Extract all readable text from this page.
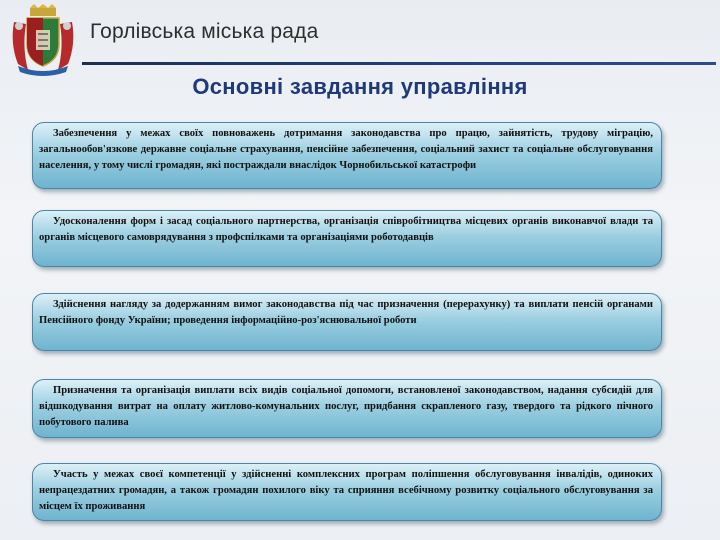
Горлівська міська рада
Основні завдання управління
Забезпечення у межах своїх повноважень дотримання законодавства про працю, зайнятість, трудову міграцію, загальнообов'язкове державне соціальне страхування, пенсійне забезпечення, соціальний захист та соціальне обслуговування населення, у тому числі громадян, які постраждали внаслідок Чорнобильської катастрофи
Удосконалення форм і засад соціального партнерства, організація співробітництва місцевих органів виконавчої влади та органів місцевого самоврядування з профспілками та організаціями роботодавців
Здійснення нагляду за додержанням вимог законодавства під час призначення (перерахунку) та виплати пенсій органами Пенсійного фонду України; проведення інформаційно-роз'яснювальної роботи
Призначення та організація виплати всіх видів соціальної допомоги, встановленої законодавством, надання субсидій для відшкодування витрат на оплату житлово-комунальних послуг, придбання скрапленого газу, твердого та рідкого пічного побутового палива
Участь у межах своєї компетенції у здійсненні комплексних програм поліпшення обслуговування інвалідів, одиноких непрацездатних громадян, а також громадян похилого віку та сприяння всебічному розвитку соціального обслуговування за місцем їх проживання
